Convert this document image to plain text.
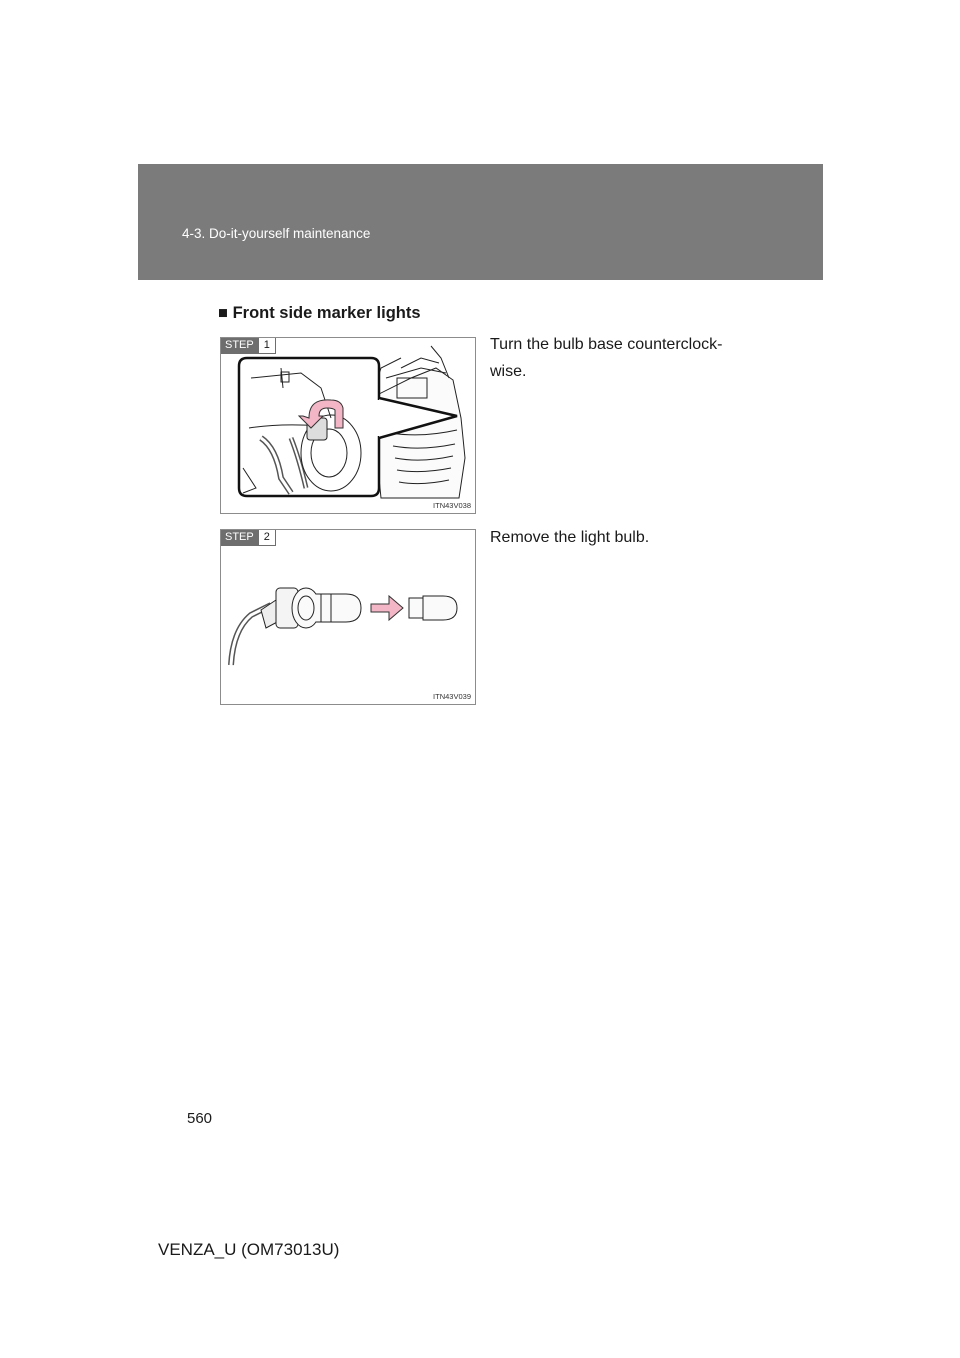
4-3. Do-it-yourself maintenance
■ Front side marker lights
STEP 1
ITN43V038
Turn the bulb base counterclock-wise.
STEP 2
ITN43V039
Remove the light bulb.
560
VENZA_U (OM73013U)
